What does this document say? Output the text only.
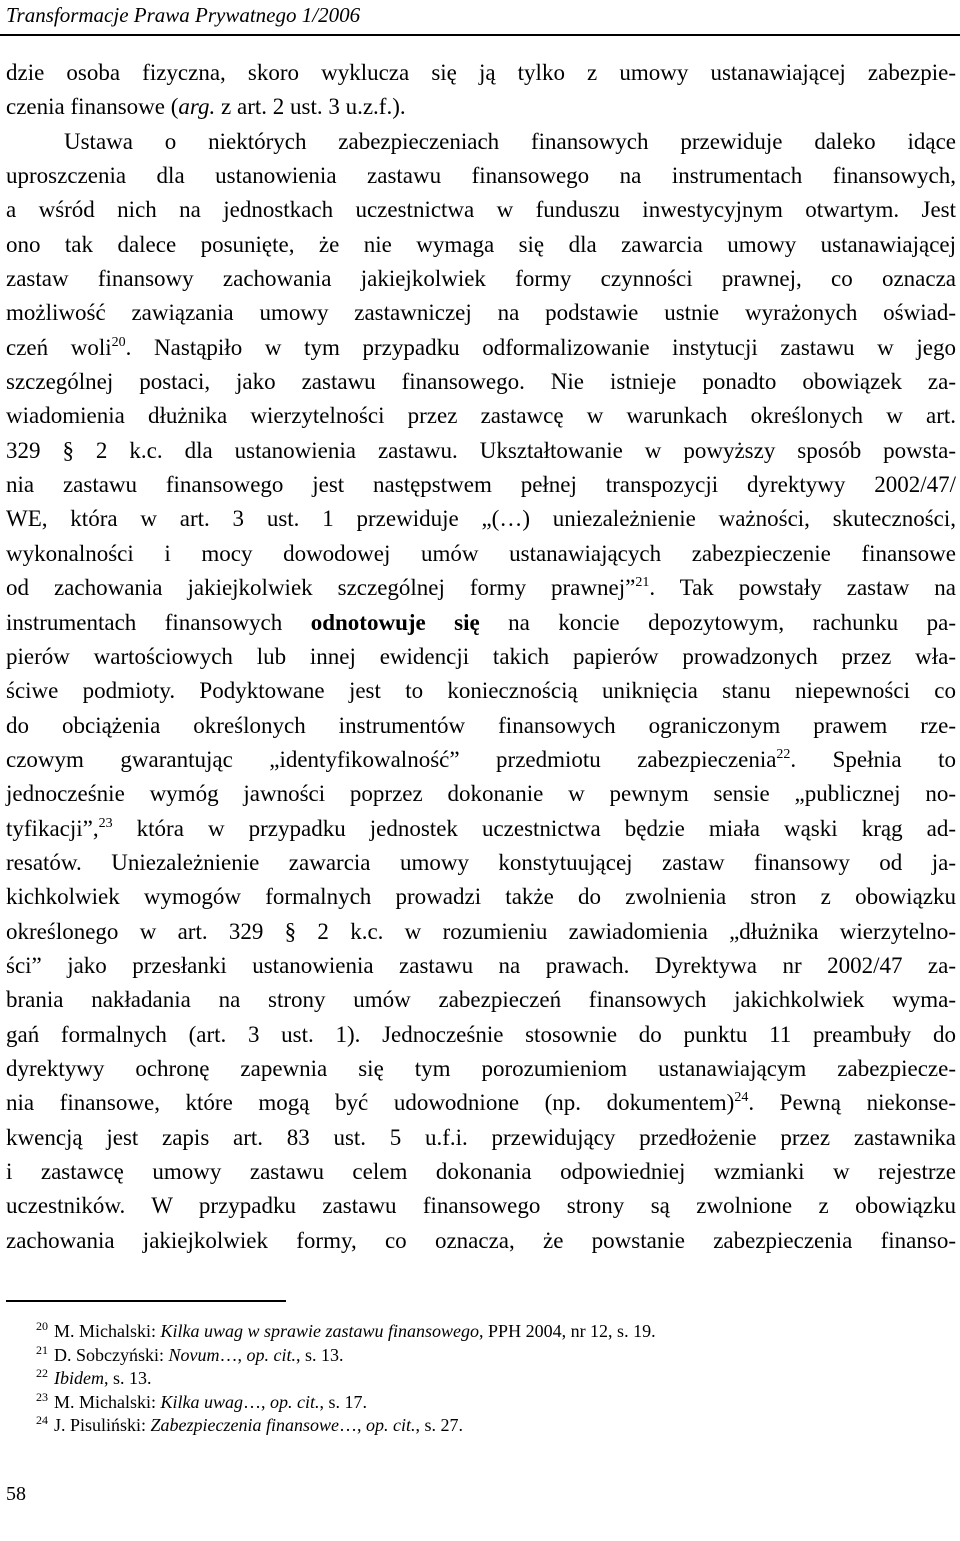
Transformacje Prawa Prywatnego 1/2006
dzie osoba fizyczna, skoro wyklucza się ją tylko z umowy ustanawiającej zabezpie-
czenia finansowe (arg. z art. 2 ust. 3 u.z.f.).
Ustawa o niektórych zabezpieczeniach finansowych przewiduje daleko idące
uproszczenia dla ustanowienia zastawu finansowego na instrumentach finansowych,
a wśród nich na jednostkach uczestnictwa w funduszu inwestycyjnym otwartym. Jest
ono tak dalece posunięte, że nie wymaga się dla zawarcia umowy ustanawiającej
zastaw finansowy zachowania jakiejkolwiek formy czynności prawnej, co oznacza
możliwość zawiązania umowy zastawniczej na podstawie ustnie wyrażonych oświad-
czeń woli$^{20}$. Nastąpiło w tym przypadku odformalizowanie instytucji zastawu w jego
szczególnej postaci, jako zastawu finansowego. Nie istnieje ponadto obowiązek za-
wiadomienia dłużnika wierzytelności przez zastawcę w warunkach określonych w art.
329 § 2 k.c. dla ustanowienia zastawu. Ukształtowanie w powyższy sposób powsta-
nia zastawu finansowego jest następstwem pełnej transpozycji dyrektywy 2002/47/
WE, która w art. 3 ust. 1 przewiduje „(…) uniezależnienie ważności, skuteczności,
wykonalności i mocy dowodowej umów ustanawiających zabezpieczenie finansowe
od zachowania jakiejkolwiek szczególnej formy prawnej”$^{21}$. Tak powstały zastaw na
instrumentach finansowych odnotowuje się na koncie depozytowym, rachunku pa-
pierów wartościowych lub innej ewidencji takich papierów prowadzonych przez wła-
ściwe podmioty. Podyktowane jest to koniecznością uniknięcia stanu niepewności co
do obciążenia określonych instrumentów finansowych ograniczonym prawem rze-
czowym gwarantując „identyfikowalność” przedmiotu zabezpieczenia$^{22}$. Spełnia to
jednocześnie wymóg jawności poprzez dokonanie w pewnym sensie „publicznej no-
tyfikacji”,$^{23}$ która w przypadku jednostek uczestnictwa będzie miała wąski krąg ad-
resatów. Uniezależnienie zawarcia umowy konstytuującej zastaw finansowy od ja-
kichkolwiek wymogów formalnych prowadzi także do zwolnienia stron z obowiązku
określonego w art. 329 § 2 k.c. w rozumieniu zawiadomienia „dłużnika wierzytelno-
ści” jako przesłanki ustanowienia zastawu na prawach. Dyrektywa nr 2002/47 za-
brania nakładania na strony umów zabezpieczeń finansowych jakichkolwiek wyma-
gań formalnych (art. 3 ust. 1). Jednocześnie stosownie do punktu 11 preambuły do
dyrektywy ochronę zapewnia się tym porozumieniom ustanawiającym zabezpiecze-
nia finansowe, które mogą być udowodnione (np. dokumentem)$^{24}$. Pewną niekonse-
kwencją jest zapis art. 83 ust. 5 u.f.i. przewidujący przedłożenie przez zastawnika
i zastawcę umowy zastawu celem dokonania odpowiedniej wzmianki w rejestrze
uczestników. W przypadku zastawu finansowego strony są zwolnione z obowiązku
zachowania jakiejkolwiek formy, co oznacza, że powstanie zabezpieczenia finanso-
$^{20}$ M. Michalski: Kilka uwag w sprawie zastawu finansowego, PPH 2004, nr 12, s. 19.
$^{21}$ D. Sobczyński: Novum…, op. cit., s. 13.
$^{22}$ Ibidem, s. 13.
$^{23}$ M. Michalski: Kilka uwag…, op. cit., s. 17.
$^{24}$ J. Pisuliński: Zabezpieczenia finansowe…, op. cit., s. 27.
58
